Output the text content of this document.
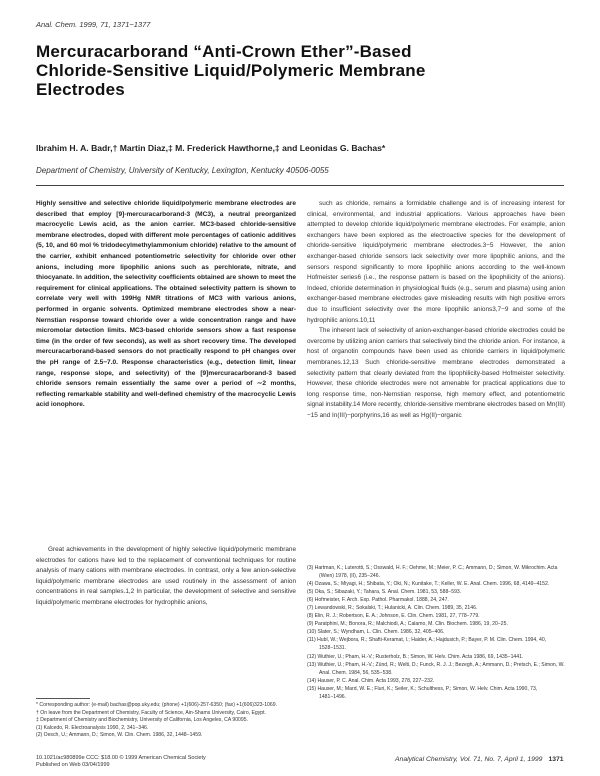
Anal. Chem. 1999, 71, 1371−1377
Mercuracarborand “Anti-Crown Ether”-Based Chloride-Sensitive Liquid/Polymeric Membrane Electrodes
Ibrahim H. A. Badr,† Martin Diaz,‡ M. Frederick Hawthorne,‡ and Leonidas G. Bachas*
Department of Chemistry, University of Kentucky, Lexington, Kentucky 40506-0055
Highly sensitive and selective chloride liquid/polymeric membrane electrodes are described that employ [9]-mercuracarborand-3 (MC3), a neutral preorganized macrocyclic Lewis acid, as the anion carrier. MC3-based chloride-sensitive membrane electrodes, doped with different mole percentages of cationic additives (5, 10, and 60 mol % tridodecylmethylammonium chloride) relative to the amount of the carrier, exhibit enhanced potentiometric selectivity for chloride over other anions, including more lipophilic anions such as perchlorate, nitrate, and thiocyanate. In addition, the selectivity coefficients obtained are shown to meet the requirement for clinical applications. The obtained selectivity pattern is shown to correlate very well with 199Hg NMR titrations of MC3 with various anions, performed in organic solvents. Optimized membrane electrodes show a near-Nernstian response toward chloride over a wide concentration range and have micromolar detection limits. MC3-based chloride sensors show a fast response time (in the order of few seconds), as well as short recovery time. The developed mercuracarborand-based sensors do not practically respond to pH changes over the pH range of 2.5−7.0. Response characteristics (e.g., detection limit, linear range, response slope, and selectivity) of the [9]mercuracarborand-3 based chloride sensors remain essentially the same over a period of ∼2 months, reflecting remarkable stability and well-defined chemistry of the macrocyclic Lewis acid ionophore.

Great achievements in the development of highly selective liquid/polymeric membrane electrodes for cations have led to the replacement of conventional techniques for routine analysis of many cations with membrane electrodes. In contrast, only a few anion-selective liquid/polymeric membrane electrodes are used routinely in the assessment of anion concentrations in real samples.1,2 In particular, the development of selective and sensitive liquid/polymeric membrane electrodes for hydrophilic anions,

* Corresponding author: (e-mail) bachas@pop.uky.edu; (phone) +1(606)-257-6350; (fax) +1(606)323-1069.

† On leave from the Department of Chemistry, Faculty of Science, Ain-Shams University, Cairo, Egypt.

‡ Department of Chemistry and Biochemistry, University of California, Los Angeles, CA 90095.

(1) Kalcedo, R. Electroanalysis 1990, 2, 341−346.

(2) Oesch, U.; Ammann, D.; Simon, W. Clin. Chem. 1986, 32, 1448−1459.

such as chloride, remains a formidable challenge and is of increasing interest for clinical, environmental, and industrial applications. Various approaches have been attempted to develop chloride liquid/polymeric membrane electrodes. For example, anion exchangers have been explored as the electroactive species for the development of chloride-sensitive liquid/polymeric membrane electrodes.3−5 However, the anion exchanger-based chloride sensors lack selectivity over more lipophilic anions, and the sensors respond significantly to more lipophilic anions according to the well-known Hofmeister series6 (i.e., the response pattern is based on the lipophilicity of the anions). Indeed, chloride determination in physiological fluids (e.g., serum and plasma) using anion exchanger-based membrane electrodes gave misleading results with high positive errors due to insufficient selectivity over the more lipophilic anions3,7−9 and some of the hydrophilic anions.10,11

The inherent lack of selectivity of anion-exchanger-based chloride electrodes could be overcome by utilizing anion carriers that selectively bind the chloride anion. For instance, a host of organotin compounds have been used as chloride carriers in liquid/polymeric membranes.12,13 Such chloride-sensitive membrane electrodes demonstrated a selectivity pattern that clearly deviated from the lipophilicity-based Hofmeister selectivity. However, these chloride electrodes were not amenable for practical applications due to long response time, non-Nernstian response, high memory effect, and potentiometric signal instability.14 More recently, chloride-sensitive membrane electrodes based on Mn(III)−15 and In(III)−porphyrins,16 as well as Hg(II)−organic

(3) Hartman, K.; Luterotti, S.; Osswald, H. F.; Oehme, M.; Meier, P. C.; Ammann, D.; Simon, W. Mikrochim. Acta (Wien) 1978, (II), 235−246.

(4) Ozawa, S.; Miyagi, H.; Shibata, Y.; Oki, N.; Kunitake, T.; Keller, W. E. Anal. Chem. 1996, 68, 4149−4152.

(5) Oka, S.; Sibazaki, Y.; Tahara, S. Anal. Chem. 1981, 53, 588−593.

(6) Hofmeister, F. Arch. Exp. Pathol. Pharmakol. 1888, 24, 247.

(7) Lewandowski, R.; Sokalski, T.; Hulanicki, A. Clin. Chem. 1989, 35, 2146.

(8) Elin, R. J.; Robertson, E. A.; Johnson, E. Clin. Chem. 1981, 27, 778−779.

(9) Paratphini, M.; Bonora, R.; Malchiodi, A.; Calamo, M. Clin. Biochem. 1986, 19, 20−25.

(10) Slater, S.; Wyndham, L. Clin. Chem. 1986, 32, 405−406.

(11) Hubl, W.; Wejbora, R.; Shafti-Keramat, I.; Haider, A.; Hajdusich, P.; Bayer, P. M. Clin. Chem. 1994, 40, 1528−1531.

(12) Wuthier, U.; Pham, H.-V.; Rusterholz, B.; Simon, W. Helv. Chim. Acta 1986, 69, 1435−1441.

(13) Wuthier, U.; Pham, H.-V.; Zünd, R.; Welti, D.; Funck, R. J. J.; Bezegh, A.; Ammann, D.; Pretsch, E.; Simon, W. Anal. Chem. 1984, 56, 535−538.

(14) Hauser, P. C. Anal. Chim. Acta 1993, 278, 227−232.

(15) Hauser, M.; Mard, W. E.; Fluri, K.; Seiler, K.; Schulthess, P.; Simon, W. Helv. Chim. Acta 1990, 73, 1481−1496.

10.1021/ac980899e CCC: $18.00 © 1999 American Chemical Society
Published on Web 03/04/1999
Analytical Chemistry, Vol. 71, No. 7, April 1, 1999 1371
